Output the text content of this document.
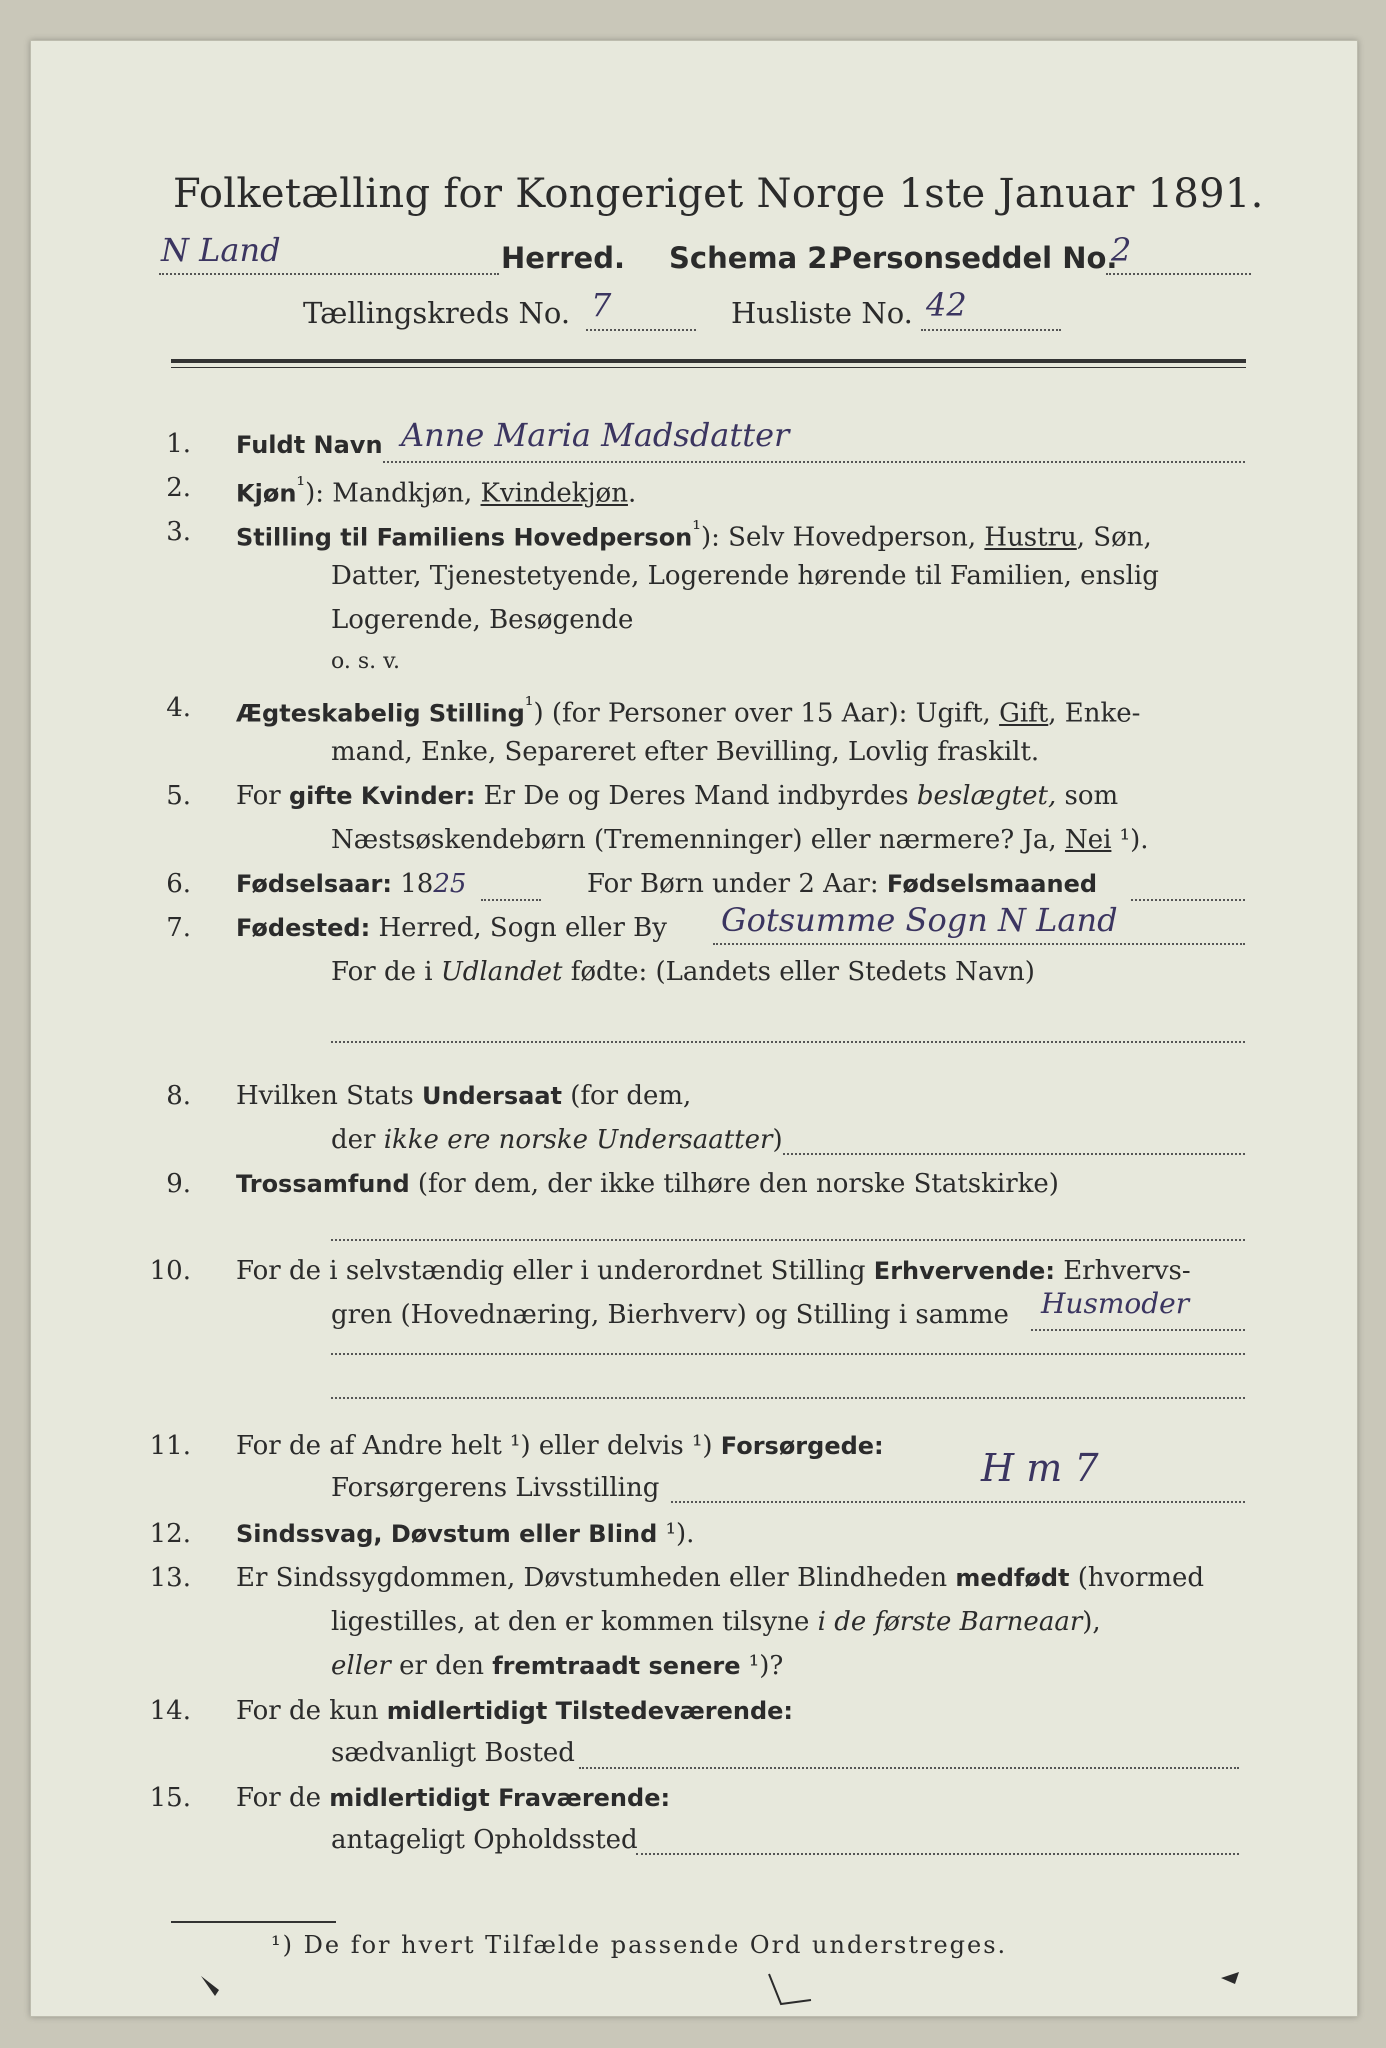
Folketælling for Kongeriget Norge 1ste Januar 1891.
N Land	Herred. Schema 2.
Personseddel No.
2
Tællingskreds No. 7	Husliste No. 42
1. Fuldt Navn Anne Maria Madsdatter
2. Kjøn$^{^1}$): Mandkjøn, Kvindekjøn.
3. Stilling til Familiens Hovedperson$^{^1}$): Selv Hovedperson, Hustru, Søn,
Datter, Tjenestetyende, Logerende hørende til Familien, enslig
Logerende, Besøgende
o. s. v.
4. Ægteskabelig Stilling$^{^1}$) (for Personer over 15 Aar): Ugift, Gift, Enke-
mand, Enke, Separeret efter Bevilling, Lovlig fraskilt.
5. For gifte Kvinder: Er De og Deres Mand indbyrdes beslægtet, som
Næstsøskendebørn (Tremenninger) eller nærmere? Ja, Nei ¹).
6. Fødselsaar: 1825	For Børn under 2 Aar: Fødselsmaaned
7. Fødested: Herred, Sogn eller By Gotsumme Sogn N Land
For de i Udlandet fødte: (Landets eller Stedets Navn)
8. Hvilken Stats Undersaat (for dem,
der ikke ere norske Undersaatter)
9. Trossamfund (for dem, der ikke tilhøre den norske Statskirke)
10. For de i selvstændig eller i underordnet Stilling Erhvervende: Erhvervs-
gren (Hovednæring, Bierhverv) og Stilling i samme Husmoder
11. For de af Andre helt ¹) eller delvis ¹) Forsørgede:
Forsørgerens Livsstilling	H m 7
12. Sindssvag, Døvstum eller Blind ¹).
13. Er Sindssygdommen, Døvstumheden eller Blindheden medfødt (hvormed
ligestilles, at den er kommen tilsyne i de første Barneaar),
eller er den fremtraadt senere ¹)?
14. For de kun midlertidigt Tilstedeværende:
sædvanligt Bosted
15. For de midlertidigt Fraværende:
antageligt Opholdssted
¹) De for hvert Tilfælde passende Ord understreges.
